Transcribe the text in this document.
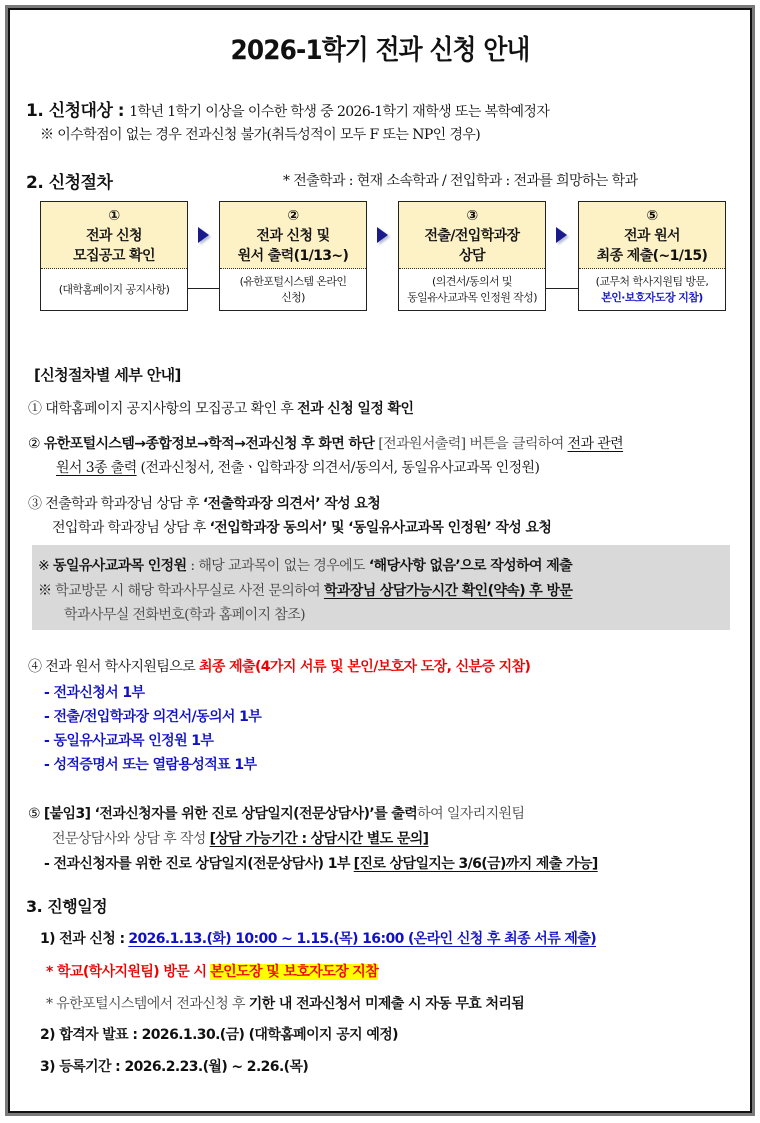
2026-1학기 전과 신청 안내
1. 신청대상 : 1학년 1학기 이상을 이수한 학생 중 2026-1학기 재학생 또는 복학예정자
※ 이수학점이 없는 경우 전과신청 불가(취득성적이 모두 F 또는 NP인 경우)
2. 신청절차	* 전출학과 : 현재 소속학과 / 전입학과 : 전과를 희망하는 학과
①
전과 신청
모집공고 확인
(대학홈페이지 공지사항)
②
전과 신청 및
원서 출력(1/13~)
(유한포털시스템 온라인
신청)
③
전출/전입학과장
상담
(의견서/동의서 및
동일유사교과목 인정원 작성)
⑤
전과 원서
최종 제출(~1/15)
(교무처 학사지원팀 방문,
본인·보호자도장 지참)
[신청절차별 세부 안내]
① 대학홈페이지 공지사항의 모집공고 확인 후 전과 신청 일정 확인
② 유한포털시스템→종합정보→학적→전과신청 후 화면 하단 [전과원서출력] 버튼을 클릭하여 전과 관련
원서 3종 출력 (전과신청서, 전출ㆍ입학과장 의견서/동의서, 동일유사교과목 인정원)
③ 전출학과 학과장님 상담 후 ‘전출학과장 의견서’ 작성 요청
전입학과 학과장님 상담 후 ‘전입학과장 동의서’ 및 ‘동일유사교과목 인정원’ 작성 요청
※ 동일유사교과목 인정원 : 해당 교과목이 없는 경우에도 ‘해당사항 없음’으로 작성하여 제출
※ 학교방문 시 해당 학과사무실로 사전 문의하여 학과장님 상담가능시간 확인(약속) 후 방문
학과사무실 전화번호(학과 홈페이지 참조)
④ 전과 원서 학사지원팀으로 최종 제출(4가지 서류 및 본인/보호자 도장, 신분증 지참)
- 전과신청서 1부
- 전출/전입학과장 의견서/동의서 1부
- 동일유사교과목 인정원 1부
- 성적증명서 또는 열람용성적표 1부
⑤ [붙임3] ‘전과신청자를 위한 진로 상담일지(전문상담사)’를 출력하여 일자리지원팀
전문상담사와 상담 후 작성 [상담 가능기간 : 상담시간 별도 문의]
- 전과신청자를 위한 진로 상담일지(전문상담사) 1부 [진로 상담일지는 3/6(금)까지 제출 가능]
3. 진행일정
1) 전과 신청 : 2026.1.13.(화) 10:00 ~ 1.15.(목) 16:00 (온라인 신청 후 최종 서류 제출)
* 학교(학사지원팀) 방문 시 본인도장 및 보호자도장 지참
* 유한포털시스템에서 전과신청 후 기한 내 전과신청서 미제출 시 자동 무효 처리됨
2) 합격자 발표 : 2026.1.30.(금) (대학홈페이지 공지 예정)
3) 등록기간 : 2026.2.23.(월) ~ 2.26.(목)
